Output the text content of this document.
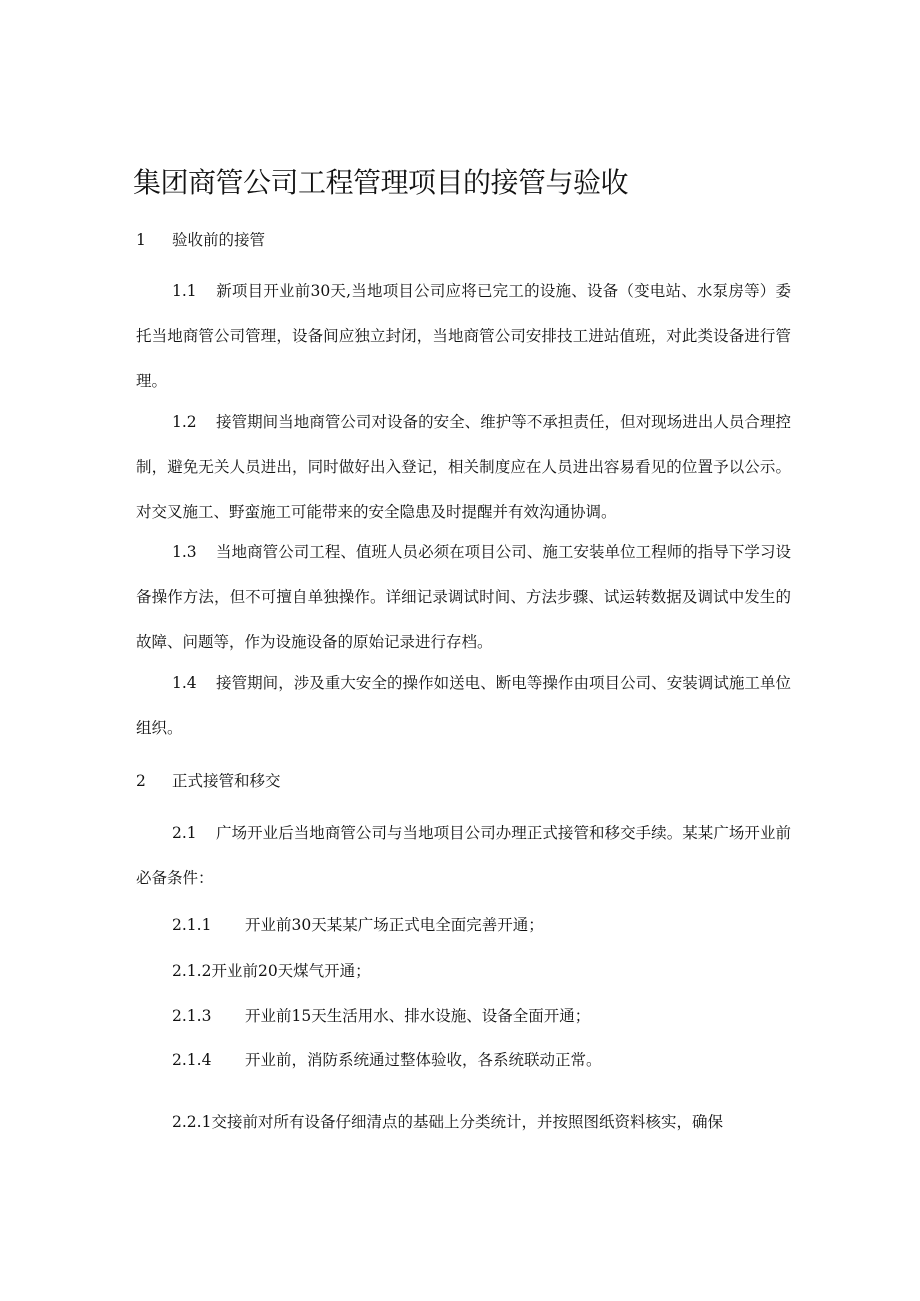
集团商管公司工程管理项目的接管与验收
1 验收前的接管

1.1 新项目开业前30天,当地项目公司应将已完工的设施、设备（变电站、水泵房等）委托当地商管公司管理，设备间应独立封闭，当地商管公司安排技工进站值班，对此类设备进行管理。

1.2 接管期间当地商管公司对设备的安全、维护等不承担责任，但对现场进出人员合理控制，避免无关人员进出，同时做好出入登记，相关制度应在人员进出容易看见的位置予以公示。对交叉施工、野蛮施工可能带来的安全隐患及时提醒并有效沟通协调。

1.3 当地商管公司工程、值班人员必须在项目公司、施工安装单位工程师的指导下学习设备操作方法，但不可擅自单独操作。详细记录调试时间、方法步骤、试运转数据及调试中发生的故障、问题等，作为设施设备的原始记录进行存档。

1.4 接管期间，涉及重大安全的操作如送电、断电等操作由项目公司、安装调试施工单位组织。

2 正式接管和移交

2.1 广场开业后当地商管公司与当地项目公司办理正式接管和移交手续。某某广场开业前必备条件：

2.1.1 开业前30天某某广场正式电全面完善开通；
2.1.2开业前20天煤气开通；
2.1.3 开业前15天生活用水、排水设施、设备全面开通；
2.1.4 开业前，消防系统通过整体验收，各系统联动正常。
2.2.1交接前对所有设备仔细清点的基础上分类统计，并按照图纸资料核实，确保
